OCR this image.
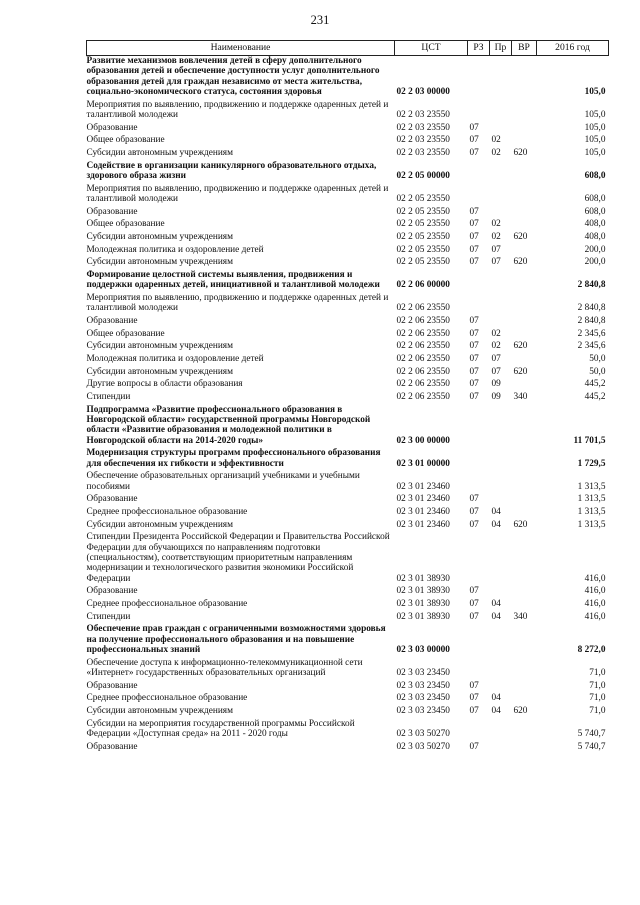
231
Наименование	ЦСТ	РЗ	Пр	ВР	2016 год
Развитие механизмов вовлечения детей в сферу дополнительного образования детей и обеспечение доступности услуг дополнительного образования детей для граждан независимо от места жительства, социально-экономического статуса, состояния здоровья	02 2 03 00000				105,0
Мероприятия по выявлению, продвижению и поддержке одаренных детей и талантливой молодежи	02 2 03 23550				105,0
Образование	02 2 03 23550	07			105,0
Общее образование	02 2 03 23550	07	02		105,0
Субсидии автономным учреждениям	02 2 03 23550	07	02	620	105,0
Содействие в организации каникулярного образовательного отдыха, здорового образа жизни	02 2 05 00000				608,0
Мероприятия по выявлению, продвижению и поддержке одаренных детей и талантливой молодежи	02 2 05 23550				608,0
Образование	02 2 05 23550	07			608,0
Общее образование	02 2 05 23550	07	02		408,0
Субсидии автономным учреждениям	02 2 05 23550	07	02	620	408,0
Молодежная политика и оздоровление детей	02 2 05 23550	07	07		200,0
Субсидии автономным учреждениям	02 2 05 23550	07	07	620	200,0
Формирование целостной системы выявления, продвижения и поддержки одаренных детей, инициативной и талантливой молодежи	02 2 06 00000				2 840,8
Мероприятия по выявлению, продвижению и поддержке одаренных детей и талантливой молодежи	02 2 06 23550				2 840,8
Образование	02 2 06 23550	07			2 840,8
Общее образование	02 2 06 23550	07	02		2 345,6
Субсидии автономным учреждениям	02 2 06 23550	07	02	620	2 345,6
Молодежная политика и оздоровление детей	02 2 06 23550	07	07		50,0
Субсидии автономным учреждениям	02 2 06 23550	07	07	620	50,0
Другие вопросы в области образования	02 2 06 23550	07	09		445,2
Стипендии	02 2 06 23550	07	09	340	445,2
Подпрограмма «Развитие профессионального образования в Новгородской области» государственной программы Новгородской области «Развитие образования и молодежной политики в Новгородской области на 2014-2020 годы»	02 3 00 00000				11 701,5
Модернизация структуры программ профессионального образования для обеспечения их гибкости и эффективности	02 3 01 00000				1 729,5
Обеспечение образовательных организаций учебниками и учебными пособиями	02 3 01 23460				1 313,5
Образование	02 3 01 23460	07			1 313,5
Среднее профессиональное образование	02 3 01 23460	07	04		1 313,5
Субсидии автономным учреждениям	02 3 01 23460	07	04	620	1 313,5
Стипендии Президента Российской Федерации и Правительства Российской Федерации для обучающихся по направлениям подготовки (специальностям), соответствующим приоритетным направлениям модернизации и технологического развития экономики Российской Федерации	02 3 01 38930				416,0
Образование	02 3 01 38930	07			416,0
Среднее профессиональное образование	02 3 01 38930	07	04		416,0
Стипендии	02 3 01 38930	07	04	340	416,0
Обеспечение прав граждан с ограниченными возможностями здоровья на получение профессионального образования и на повышение профессиональных знаний	02 3 03 00000				8 272,0
Обеспечение доступа к информационно-телекоммуникационной сети «Интернет» государственных образовательных организаций	02 3 03 23450				71,0
Образование	02 3 03 23450	07			71,0
Среднее профессиональное образование	02 3 03 23450	07	04		71,0
Субсидии автономным учреждениям	02 3 03 23450	07	04	620	71,0
Субсидии на мероприятия государственной программы Российской Федерации «Доступная среда» на 2011 - 2020 годы	02 3 03 50270				5 740,7
Образование	02 3 03 50270	07			5 740,7
